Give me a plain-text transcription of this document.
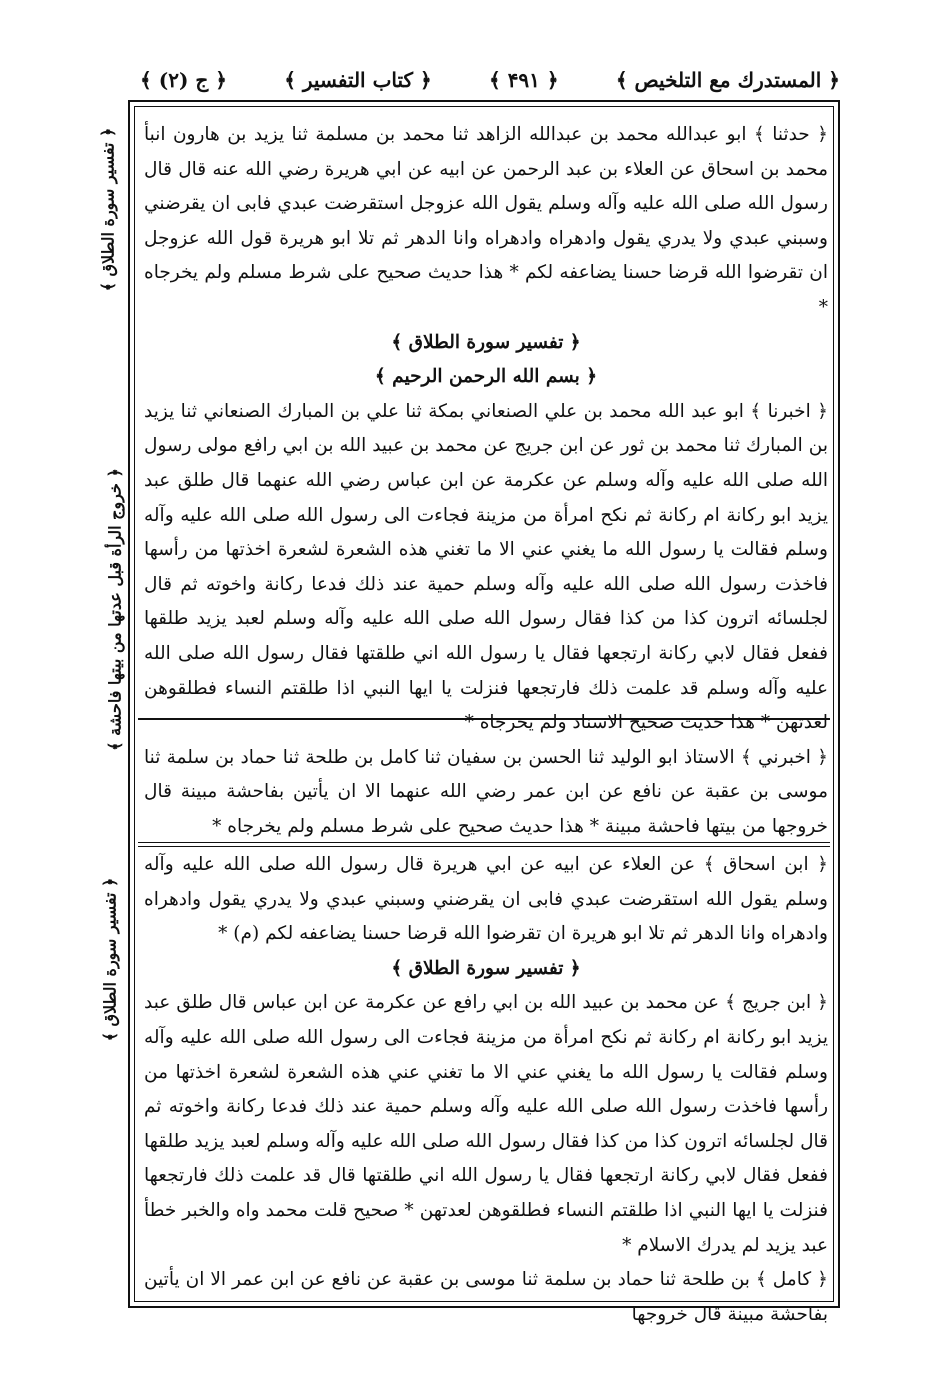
﴿ المستدرك مع التلخيص ﴾
﴿ ۴۹۱ ﴾
﴿ كتاب التفسير ﴾
﴿ ج (۲) ﴾
﴿ تفسير سورة الطلاق ﴾
﴿ خروج الرأة قبل عدتها من بيتها فاحشة ﴾
﴿ تفسير سورة الطلاق ﴾

﴿ حدثنا ﴾ ابو عبدالله محمد بن عبدالله الزاهد ثنا محمد بن مسلمة ثنا يزيد بن هارون انبأ محمد بن اسحاق عن العلاء بن عبد الرحمن عن ابيه عن ابي هريرة رضي الله عنه قال قال رسول الله صلى الله عليه وآله وسلم يقول الله عزوجل استقرضت عبدي فابى ان يقرضني وسبني عبدي ولا يدري يقول وادهراه وادهراه وانا الدهر ثم تلا ابو هريرة قول الله عزوجل ان تقرضوا الله قرضا حسنا يضاعفه لكم * هذا حديث صحيح على شرط مسلم ولم يخرجاه *

﴿ تفسير سورة الطلاق ﴾

﴿ بسم الله الرحمن الرحيم ﴾

﴿ اخبرنا ﴾ ابو عبد الله محمد بن علي الصنعاني بمكة ثنا علي بن المبارك الصنعاني ثنا يزيد بن المبارك ثنا محمد بن ثور عن ابن جريج عن محمد بن عبيد الله بن ابي رافع مولى رسول الله صلى الله عليه وآله وسلم عن عكرمة عن ابن عباس رضي الله عنهما قال طلق عبد يزيد ابو ركانة ام ركانة ثم نكح امرأة من مزينة فجاءت الى رسول الله صلى الله عليه وآله وسلم فقالت يا رسول الله ما يغني عني الا ما تغني هذه الشعرة لشعرة اخذتها من رأسها فاخذت رسول الله صلى الله عليه وآله وسلم حمية عند ذلك فدعا ركانة واخوته ثم قال لجلسائه اترون كذا من كذا فقال رسول الله صلى الله عليه وآله وسلم لعبد يزيد طلقها ففعل فقال لابي ركانة ارتجعها فقال يا رسول الله اني طلقتها فقال رسول الله صلى الله عليه وآله وسلم قد علمت ذلك فارتجعها فنزلت يا ايها النبي اذا طلقتم النساء فطلقوهن لعدتهن * هذا حديث صحيح الاسناد ولم يخرجاه *

﴿ اخبرني ﴾ الاستاذ ابو الوليد ثنا الحسن بن سفيان ثنا كامل بن طلحة ثنا حماد بن سلمة ثنا موسى بن عقبة عن نافع عن ابن عمر رضي الله عنهما الا ان يأتين بفاحشة مبينة قال خروجها من بيتها فاحشة مبينة * هذا حديث صحيح على شرط مسلم ولم يخرجاه *

﴿ ابن اسحاق ﴾ عن العلاء عن ابيه عن ابي هريرة قال رسول الله صلى الله عليه وآله وسلم يقول الله استقرضت عبدي فابى ان يقرضني وسبني عبدي ولا يدري يقول وادهراه وادهراه وانا الدهر ثم تلا ابو هريرة ان تقرضوا الله قرضا حسنا يضاعفه لكم (م) *

﴿ تفسير سورة الطلاق ﴾

﴿ ابن جريج ﴾ عن محمد بن عبيد الله بن ابي رافع عن عكرمة عن ابن عباس قال طلق عبد يزيد ابو ركانة ام ركانة ثم نكح امرأة من مزينة فجاءت الى رسول الله صلى الله عليه وآله وسلم فقالت يا رسول الله ما يغني عني الا ما تغني عني هذه الشعرة لشعرة اخذتها من رأسها فاخذت رسول الله صلى الله عليه وآله وسلم حمية عند ذلك فدعا ركانة واخوته ثم قال لجلسائه اترون كذا من كذا فقال رسول الله صلى الله عليه وآله وسلم لعبد يزيد طلقها ففعل فقال لابي ركانة ارتجعها فقال يا رسول الله اني طلقتها قال قد علمت ذلك فارتجعها فنزلت يا ايها النبي اذا طلقتم النساء فطلقوهن لعدتهن * صحيح قلت محمد واه والخبر خطأ عبد يزيد لم يدرك الاسلام *

﴿ كامل ﴾ بن طلحة ثنا حماد بن سلمة ثنا موسى بن عقبة عن نافع عن ابن عمر الا ان يأتين بفاحشة مبينة قال خروجها
